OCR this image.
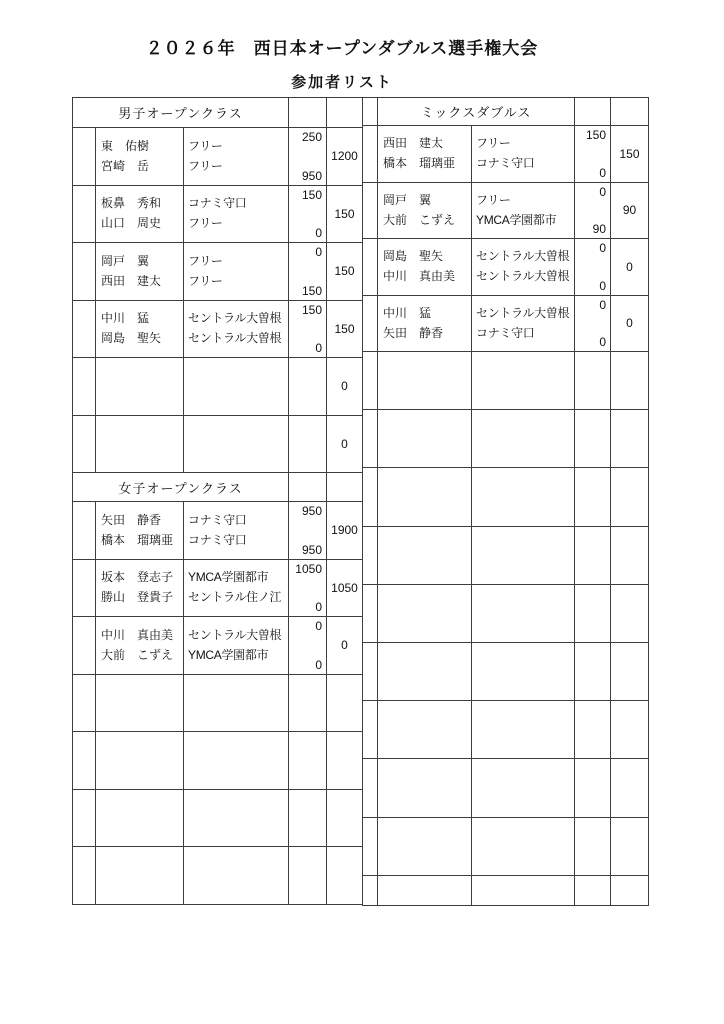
２０２６年　西日本オープンダブルス選手権大会
参加者リスト
男子オープンクラス
東　佑樹
宮崎　岳
フリー
フリー
250
950
1200
板鼻　秀和
山口　周史
コナミ守口
フリー
150
0
150
岡戸　翼
西田　建太
フリー
フリー
0
150
150
中川　猛
岡島　聖矢
セントラル大曽根
セントラル大曽根
150
0
150
0
0
女子オープンクラス
矢田　静香
橋本　瑠璃亜
コナミ守口
コナミ守口
950
950
1900
坂本　登志子
勝山　登貴子
YMCA学園都市
セントラル住ノ江
1050
0
1050
中川　真由美
大前　こずえ
セントラル大曽根
YMCA学園都市
0
0
0
ミックスダブルス
西田　建太
橋本　瑠璃亜
フリー
コナミ守口
150
0
150
岡戸　翼
大前　こずえ
フリー
YMCA学園都市
0
90
90
岡島　聖矢
中川　真由美
セントラル大曽根
セントラル大曽根
0
0
0
中川　猛
矢田　静香
セントラル大曽根
コナミ守口
0
0
0
